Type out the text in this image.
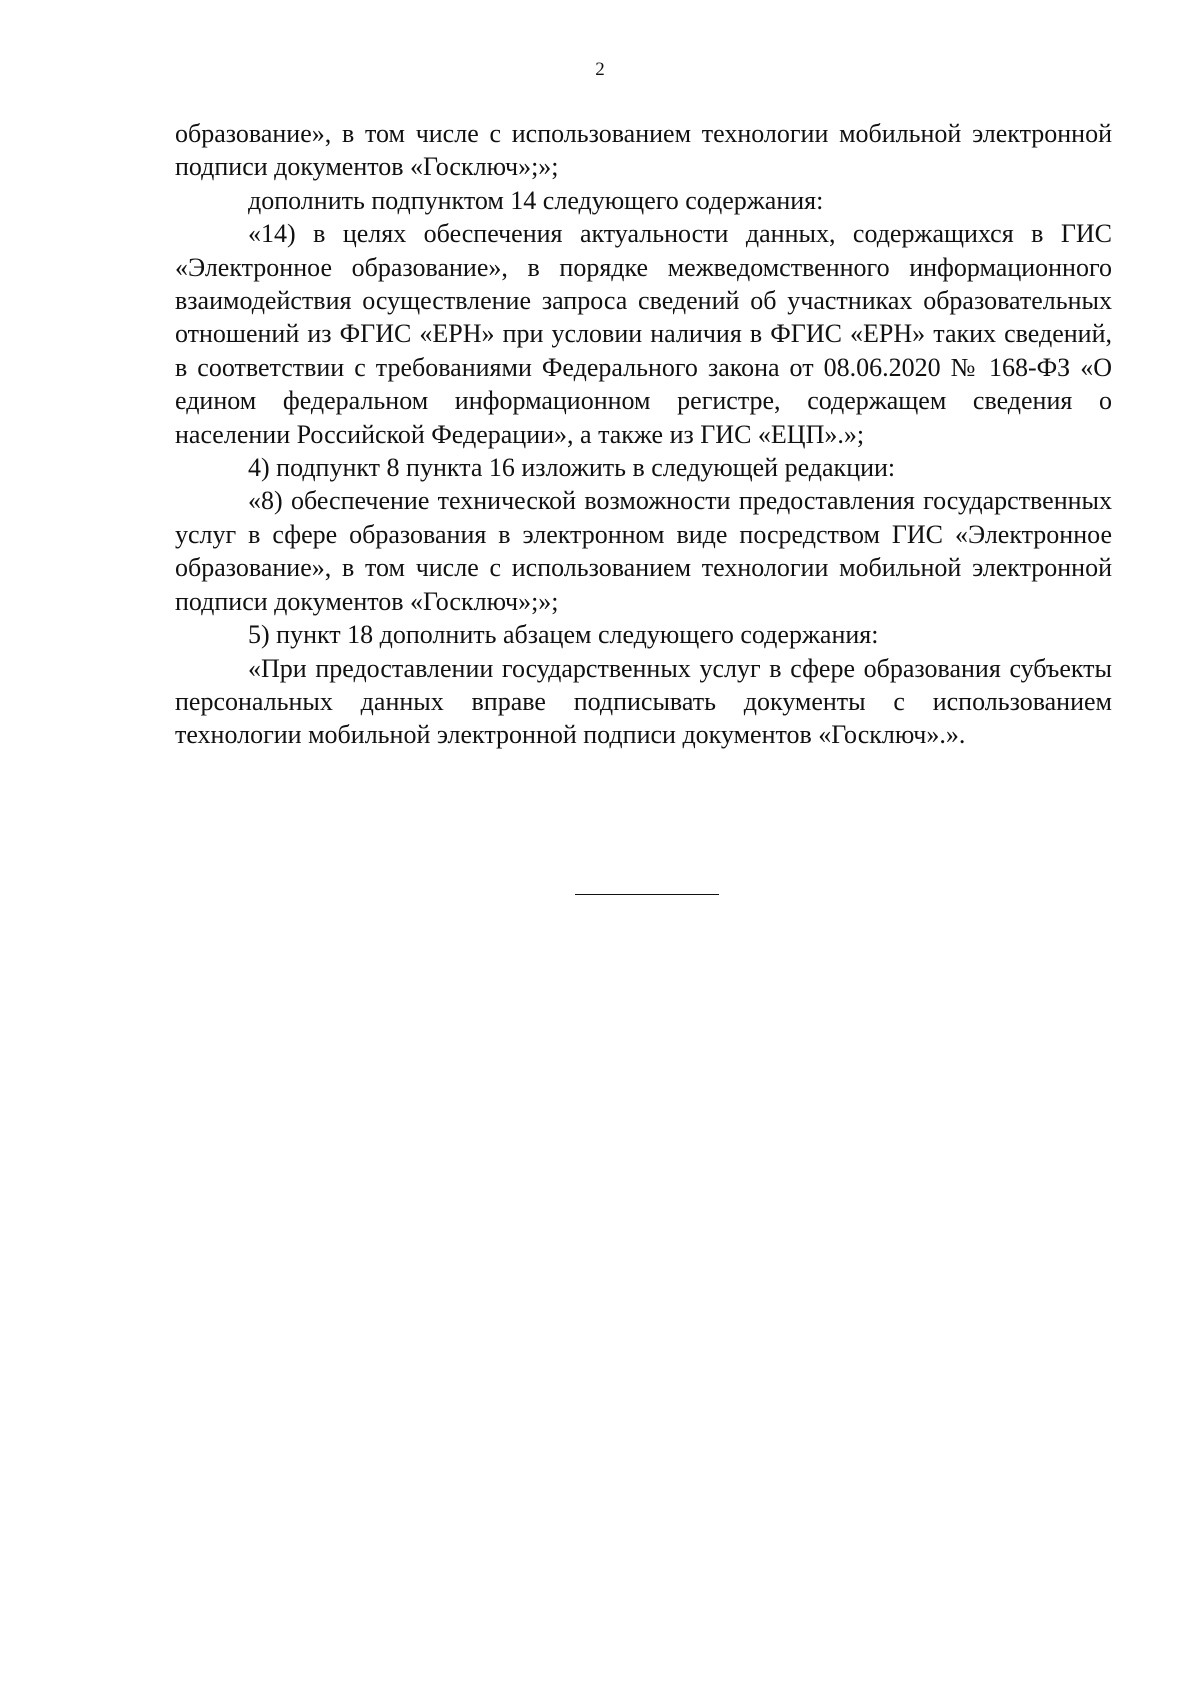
2

образование», в том числе с использованием технологии мобильной электронной подписи документов «Госключ»;»;

дополнить подпунктом 14 следующего содержания:

«14) в целях обеспечения актуальности данных, содержащихся в ГИС «Электронное образование», в порядке межведомственного информационного взаимодействия осуществление запроса сведений об участниках образовательных отношений из ФГИС «ЕРН» при условии наличия в ФГИС «ЕРН» таких сведений, в соответствии с требованиями Федерального закона от 08.06.2020 № 168-ФЗ «О едином федеральном информационном регистре, содержащем сведения о населении Российской Федерации», а также из ГИС «ЕЦП».»;

4) подпункт 8 пункта 16 изложить в следующей редакции:

«8) обеспечение технической возможности предоставления государственных услуг в сфере образования в электронном виде посредством ГИС «Электронное образование», в том числе с использованием технологии мобильной электронной подписи документов «Госключ»;»;

5) пункт 18 дополнить абзацем следующего содержания:

«При предоставлении государственных услуг в сфере образования субъекты персональных данных вправе подписывать документы с использованием технологии мобильной электронной подписи документов «Госключ».».
